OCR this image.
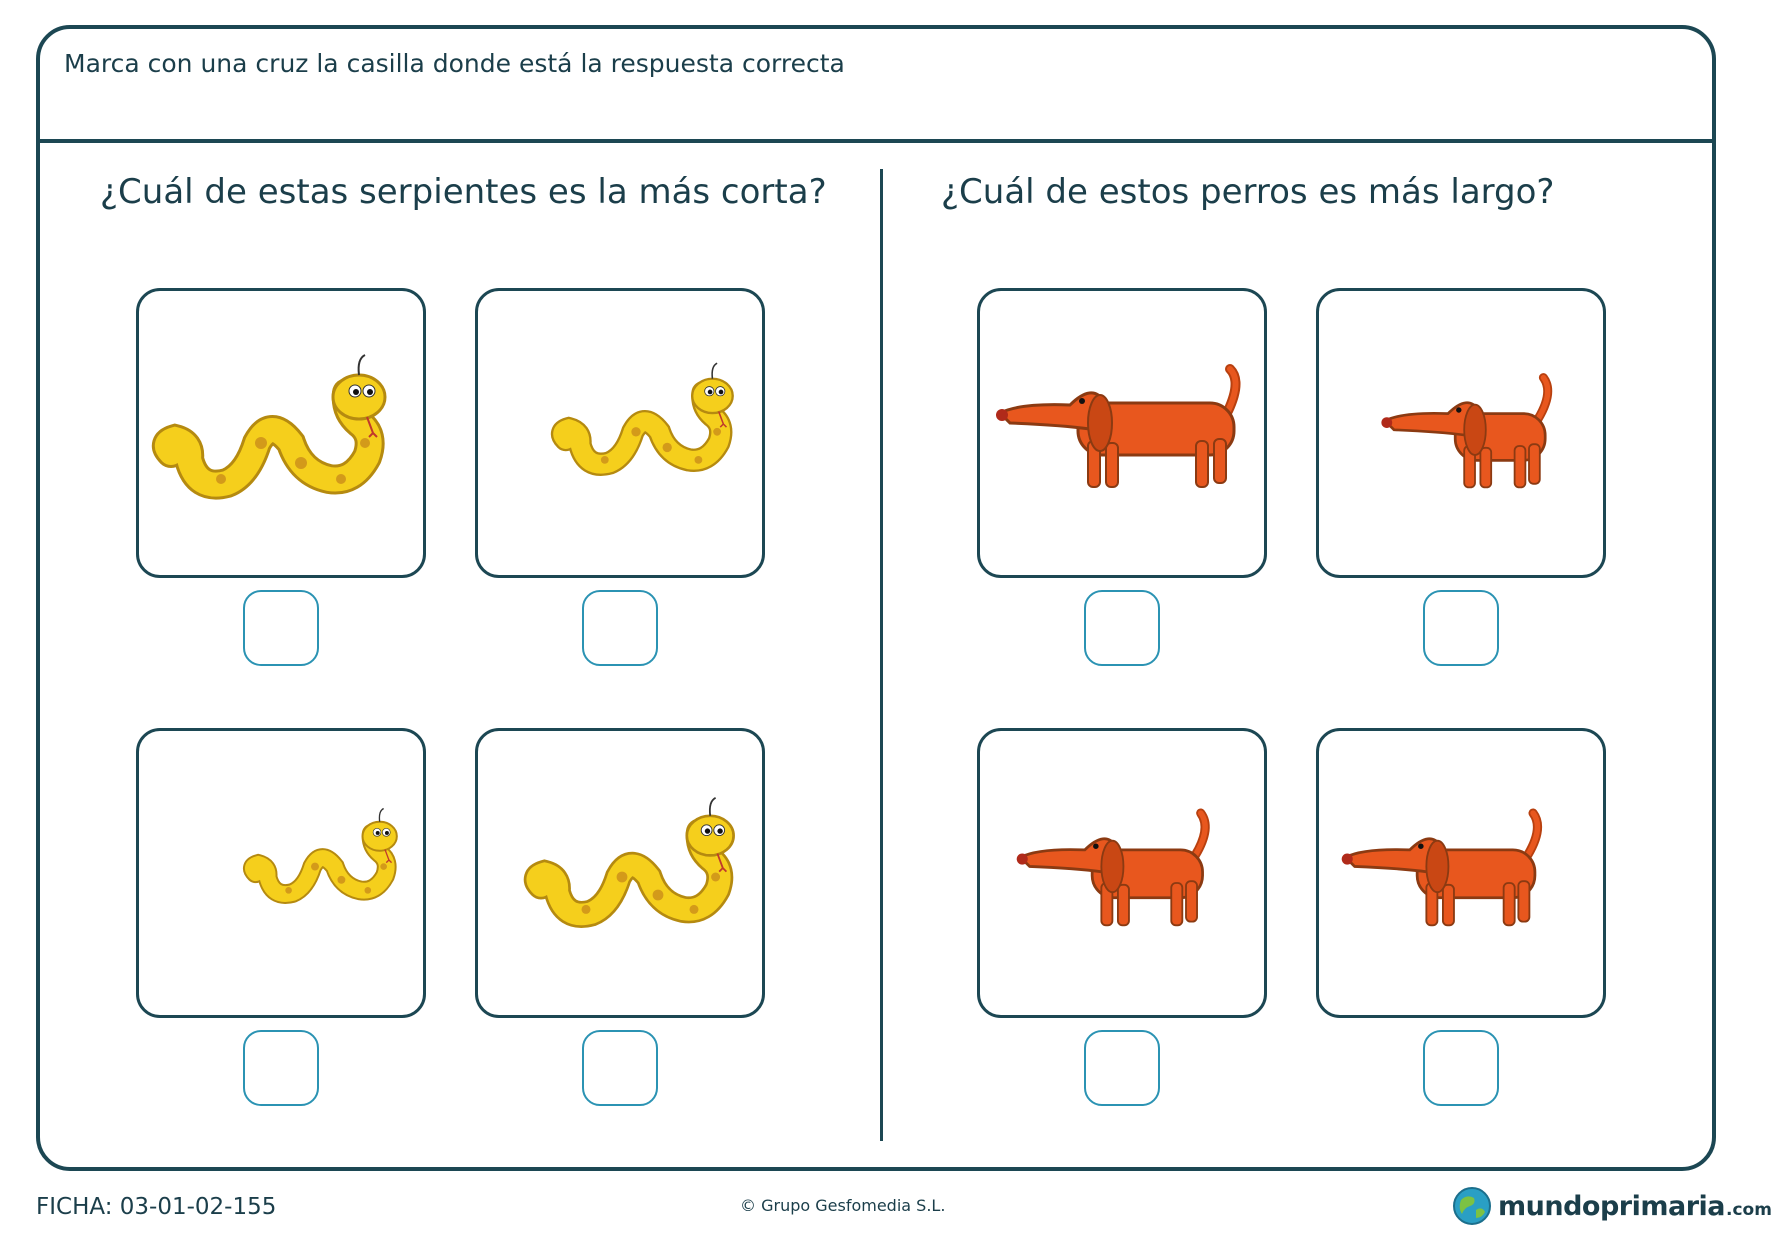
Marca con una cruz la casilla donde está la respuesta correcta
¿Cuál de estas serpientes es la más corta?	¿Cuál de estos perros es más largo?
FICHA: 03-01-02-155	© Grupo Gesfomedia S.L.	mundoprimaria .com
